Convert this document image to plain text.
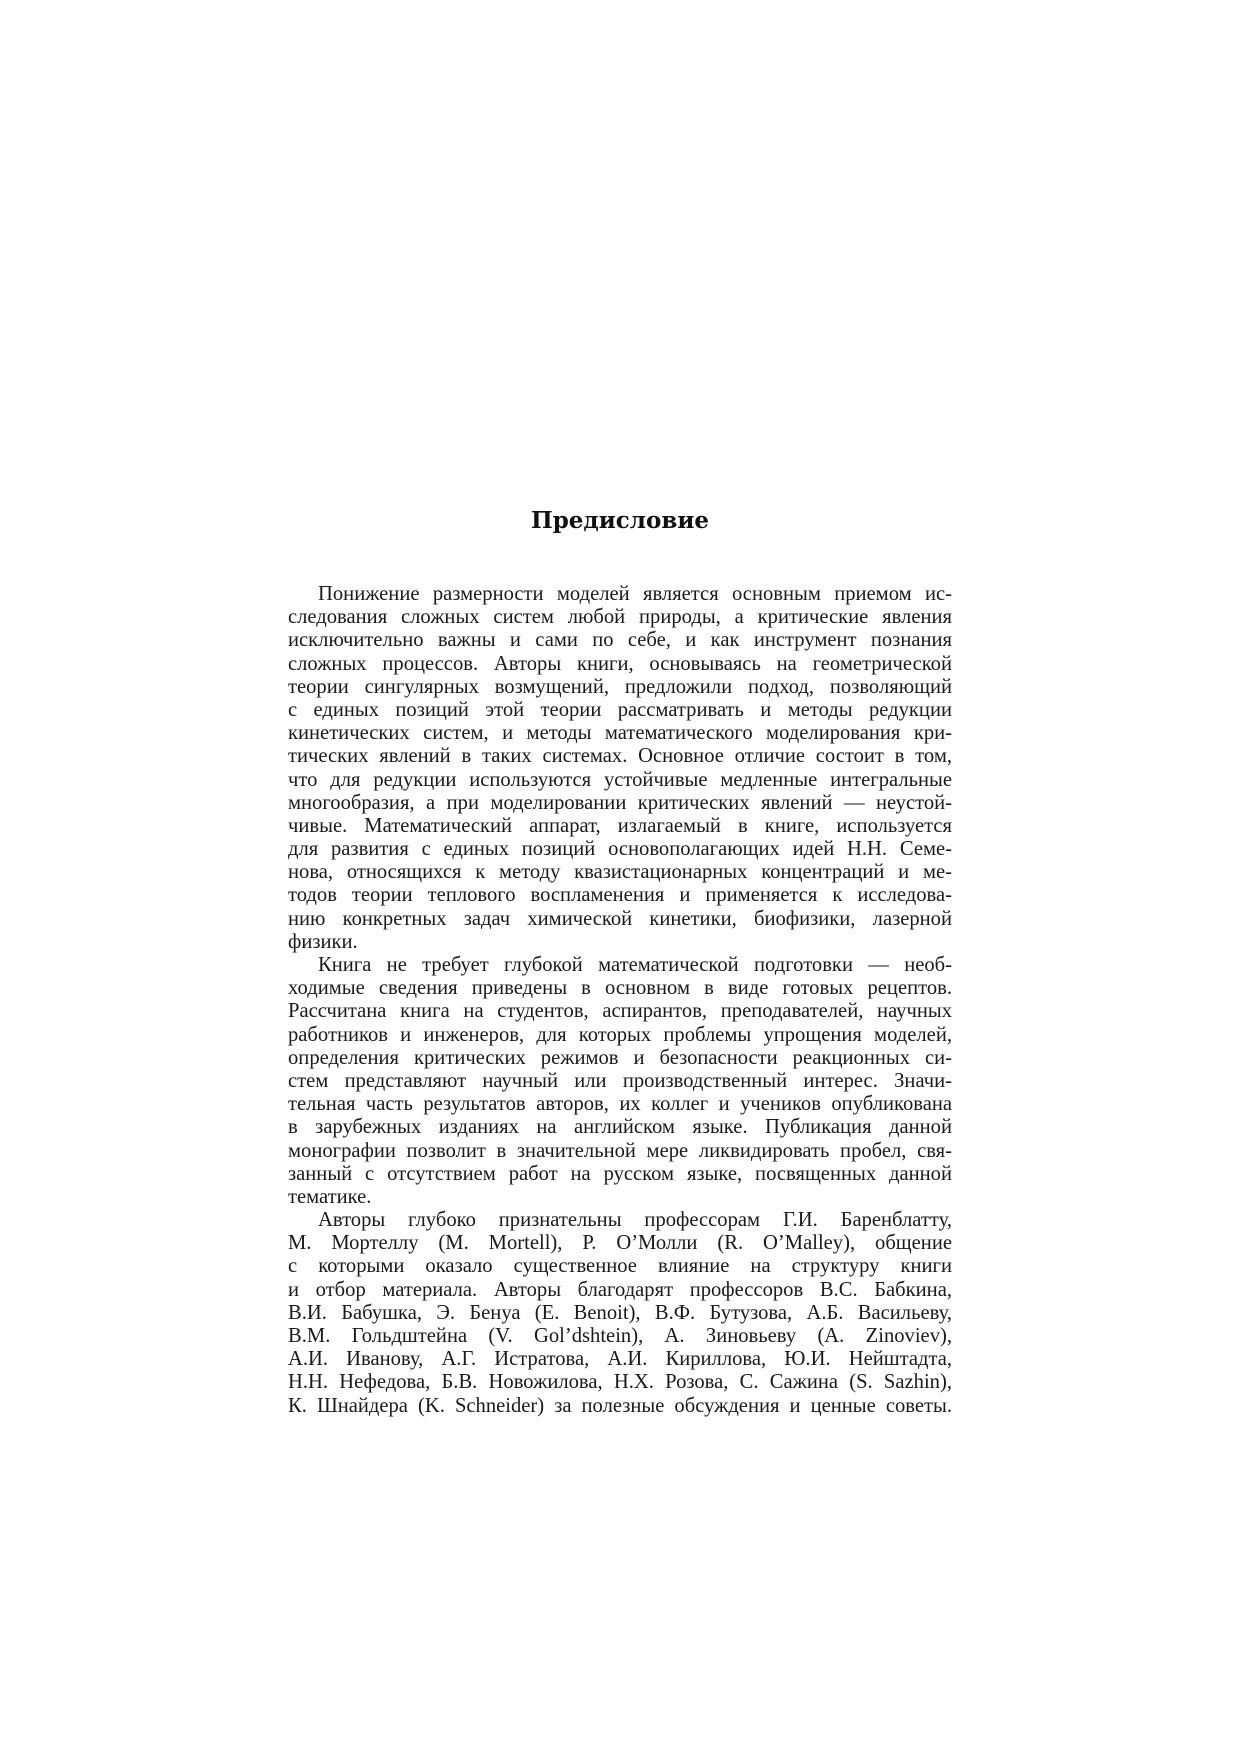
Предисловие
Понижение размерности моделей является основным приемом ис-
следования сложных систем любой природы, а критические явления
исключительно важны и сами по себе, и как инструмент познания
сложных процессов. Авторы книги, основываясь на геометрической
теории сингулярных возмущений, предложили подход, позволяющий
с единых позиций этой теории рассматривать и методы редукции
кинетических систем, и методы математического моделирования кри-
тических явлений в таких системах. Основное отличие состоит в том,
что для редукции используются устойчивые медленные интегральные
многообразия, а при моделировании критических явлений — неустой-
чивые. Математический аппарат, излагаемый в книге, используется
для развития с единых позиций основополагающих идей Н.Н. Семе-
нова, относящихся к методу квазистационарных концентраций и ме-
тодов теории теплового воспламенения и применяется к исследова-
нию конкретных задач химической кинетики, биофизики, лазерной
физики.
Книга не требует глубокой математической подготовки — необ-
ходимые сведения приведены в основном в виде готовых рецептов.
Рассчитана книга на студентов, аспирантов, преподавателей, научных
работников и инженеров, для которых проблемы упрощения моделей,
определения критических режимов и безопасности реакционных си-
стем представляют научный или производственный интерес. Значи-
тельная часть результатов авторов, их коллег и учеников опубликована
в зарубежных изданиях на английском языке. Публикация данной
монографии позволит в значительной мере ликвидировать пробел, свя-
занный с отсутствием работ на русском языке, посвященных данной
тематике.
Авторы глубоко признательны профессорам Г.И. Баренблатту,
М. Мортеллу (M. Mortell), Р. О’Молли (R. O’Malley), общение
с которыми оказало существенное влияние на структуру книги
и отбор материала. Авторы благодарят профессоров В.С. Бабкина,
В.И. Бабушка, Э. Бенуа (E. Benoit), В.Ф. Бутузова, А.Б. Васильеву,
В.М. Гольдштейна (V. Gol’dshtein), А. Зиновьеву (A. Zinoviev),
А.И. Иванову, А.Г. Истратова, А.И. Кириллова, Ю.И. Нейштадта,
Н.Н. Нефедова, Б.В. Новожилова, Н.Х. Розова, С. Сажина (S. Sazhin),
К. Шнайдера (K. Schneider) за полезные обсуждения и ценные советы.
